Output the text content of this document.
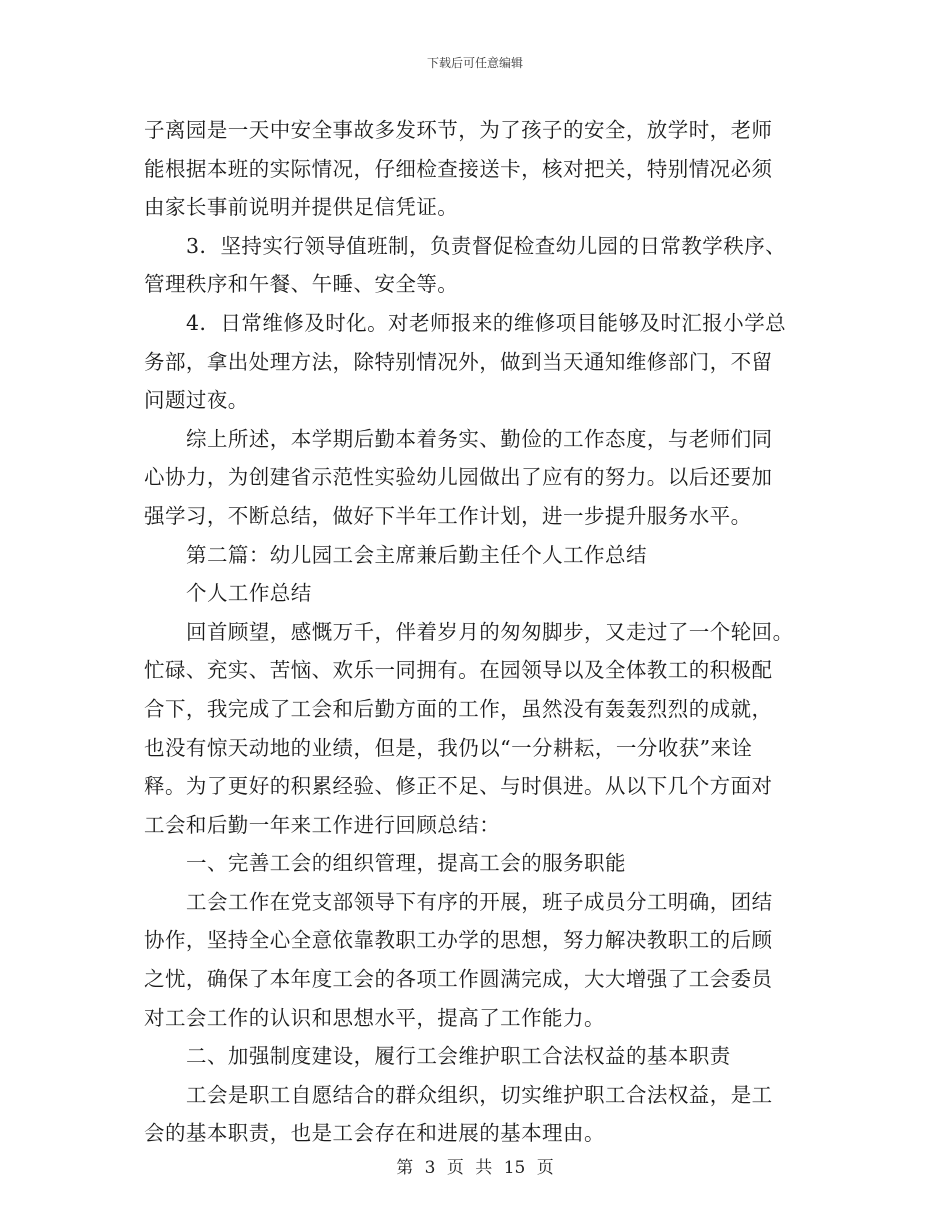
下载后可任意编辑
子离园是一天中安全事故多发环节，为了孩子的安全，放学时，老师
能根据本班的实际情况，仔细检查接送卡，核对把关，特别情况必须
由家长事前说明并提供足信凭证。
3．坚持实行领导值班制，负责督促检查幼儿园的日常教学秩序、
管理秩序和午餐、午睡、安全等。
4．日常维修及时化。对老师报来的维修项目能够及时汇报小学总
务部，拿出处理方法，除特别情况外，做到当天通知维修部门，不留
问题过夜。
综上所述，本学期后勤本着务实、勤俭的工作态度，与老师们同
心协力，为创建省示范性实验幼儿园做出了应有的努力。以后还要加
强学习，不断总结，做好下半年工作计划，进一步提升服务水平。
第二篇：幼儿园工会主席兼后勤主任个人工作总结
个人工作总结
回首顾望，感慨万千，伴着岁月的匆匆脚步，又走过了一个轮回。
忙碌、充实、苦恼、欢乐一同拥有。在园领导以及全体教工的积极配
合下，我完成了工会和后勤方面的工作，虽然没有轰轰烈烈的成就，
也没有惊天动地的业绩，但是，我仍以“一分耕耘，一分收获”来诠
释。为了更好的积累经验、修正不足、与时俱进。从以下几个方面对
工会和后勤一年来工作进行回顾总结：
一、完善工会的组织管理，提高工会的服务职能
工会工作在党支部领导下有序的开展，班子成员分工明确，团结
协作，坚持全心全意依靠教职工办学的思想，努力解决教职工的后顾
之忧，确保了本年度工会的各项工作圆满完成，大大增强了工会委员
对工会工作的认识和思想水平，提高了工作能力。
二、加强制度建设，履行工会维护职工合法权益的基本职责
工会是职工自愿结合的群众组织，切实维护职工合法权益，是工
会的基本职责，也是工会存在和进展的基本理由。
第 3 页 共 15 页
